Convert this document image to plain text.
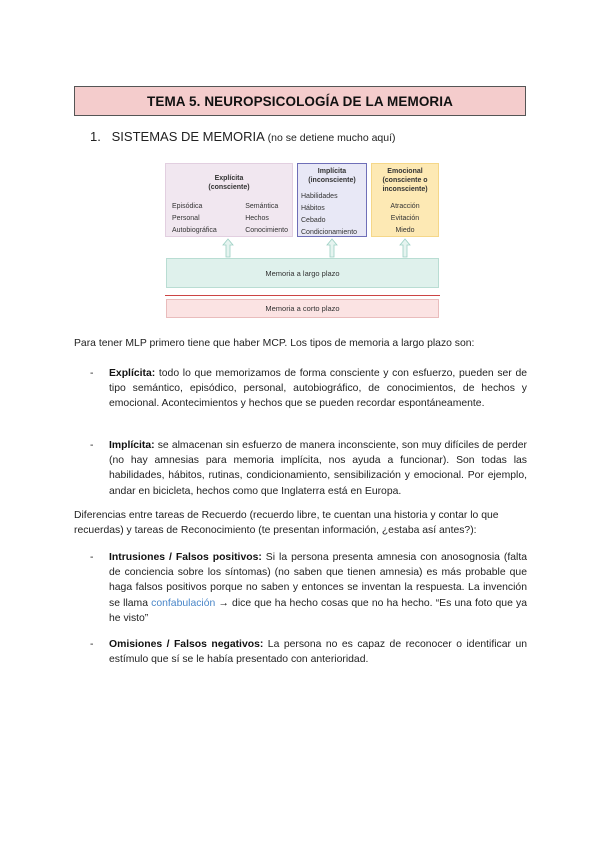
TEMA 5. NEUROPSICOLOGÍA DE LA MEMORIA
1. SISTEMAS DE MEMORIA (no se detiene mucho aquí)
Explícita
(consciente)
Episódica
Personal
Autobiográfica
Semántica
Hechos
Conocimiento
Implícita
(inconsciente)
Habilidades
Hábitos
Cebado
Condicionamiento
Emocional
(consciente o
inconsciente)
Atracción
Evitación
Miedo
Memoria a largo plazo
Memoria a corto plazo
Para tener MLP primero tiene que haber MCP. Los tipos de memoria a largo plazo son:
- Explícita: todo lo que memorizamos de forma consciente y con esfuerzo, pueden ser de tipo semántico, episódico, personal, autobiográfico, de conocimientos, de hechos y emocional. Acontecimientos y hechos que se pueden recordar espontáneamente.
- Implícita: se almacenan sin esfuerzo de manera inconsciente, son muy difíciles de perder (no hay amnesias para memoria implícita, nos ayuda a funcionar). Son todas las habilidades, hábitos, rutinas, condicionamiento, sensibilización y emocional. Por ejemplo, andar en bicicleta, hechos como que Inglaterra está en Europa.
Diferencias entre tareas de Recuerdo (recuerdo libre, te cuentan una historia y contar lo que recuerdas) y tareas de Reconocimiento (te presentan información, ¿estaba así antes?):
- Intrusiones / Falsos positivos: Si la persona presenta amnesia con anosognosia (falta de conciencia sobre los síntomas) (no saben que tienen amnesia) es más probable que haga falsos positivos porque no saben y entonces se inventan la respuesta. La invención se llama confabulación → dice que ha hecho cosas que no ha hecho. “Es una foto que ya he visto”
- Omisiones / Falsos negativos: La persona no es capaz de reconocer o identificar un estímulo que sí se le había presentado con anterioridad.
